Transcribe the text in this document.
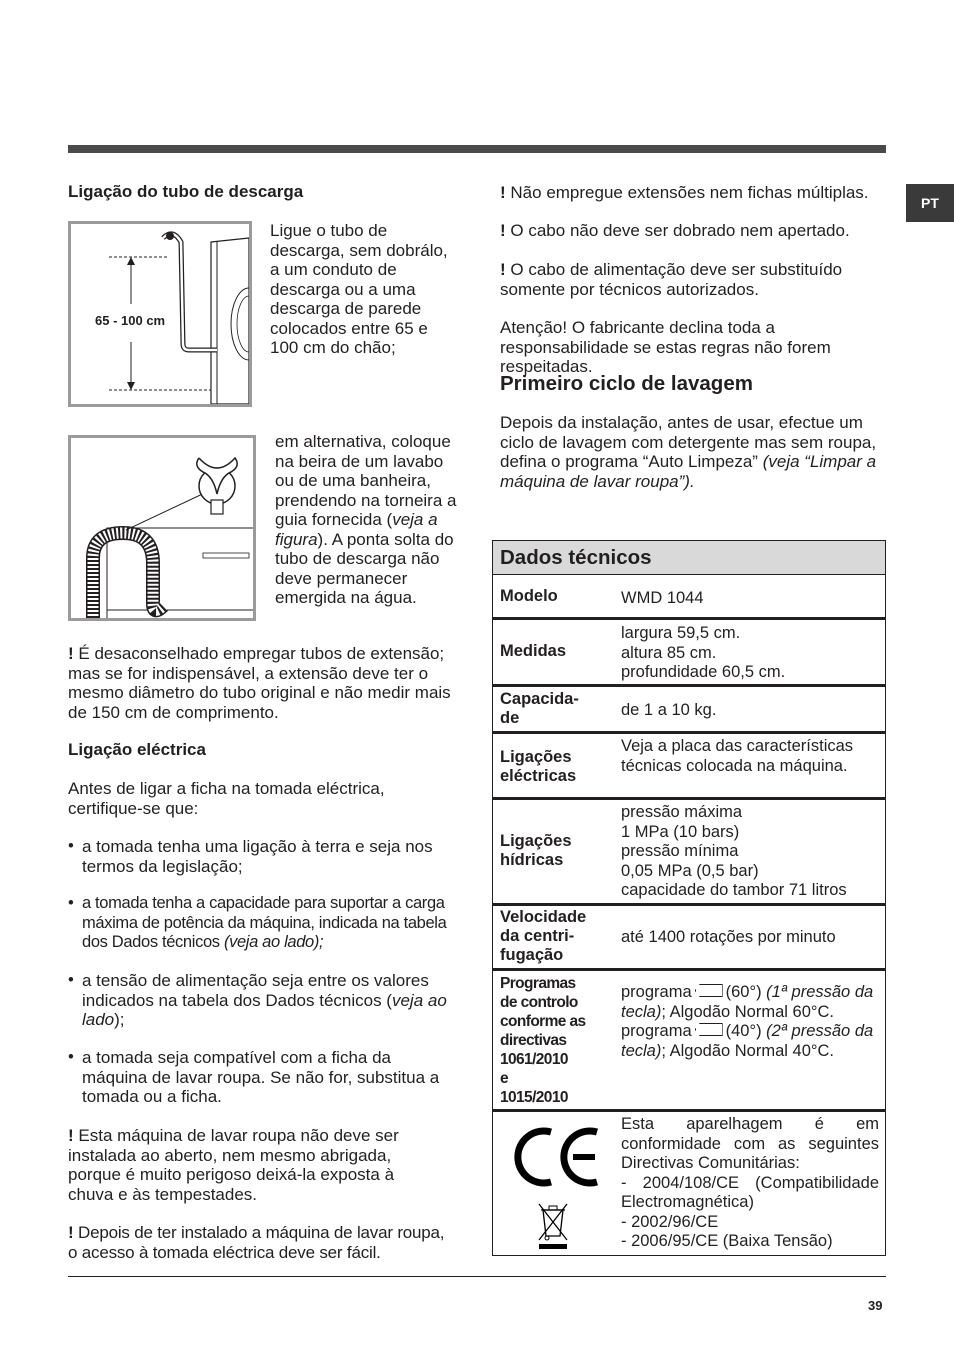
PT
Ligação do tubo de descarga
65 - 100 cm
Ligue o tubo de descarga, sem dobrálo, a um conduto de descarga ou a uma descarga de parede colocados entre 65 e 100 cm do chão;
em alternativa, coloque na beira de um lavabo ou de uma banheira, prendendo na torneira a guia fornecida (veja a figura). A ponta solta do tubo de descarga não deve permanecer emergida na água.
! É desaconselhado empregar tubos de extensão; mas se for indispensável, a extensão deve ter o mesmo diâmetro do tubo original e não medir mais de 150 cm de comprimento.
Ligação eléctrica
Antes de ligar a ficha na tomada eléctrica, certifique-se que:
• a tomada tenha uma ligação à terra e seja nos termos da legislação;
• a tomada tenha a capacidade para suportar a carga máxima de potência da máquina, indicada na tabela dos Dados técnicos (veja ao lado);
• a tensão de alimentação seja entre os valores indicados na tabela dos Dados técnicos (veja ao lado);
• a tomada seja compatível com a ficha da máquina de lavar roupa. Se não for, substitua a tomada ou a ficha.
! Esta máquina de lavar roupa não deve ser instalada ao aberto, nem mesmo abrigada, porque é muito perigoso deixá-la exposta à chuva e às tempestades.
! Depois de ter instalado a máquina de lavar roupa, o acesso à tomada eléctrica deve ser fácil.
! Não empregue extensões nem fichas múltiplas.
! O cabo não deve ser dobrado nem apertado.
! O cabo de alimentação deve ser substituído somente por técnicos autorizados.
Atenção! O fabricante declina toda a responsabilidade se estas regras não forem respeitadas.
Primeiro ciclo de lavagem
Depois da instalação, antes de usar, efectue um ciclo de lavagem com detergente mas sem roupa, defina o programa “Auto Limpeza” (veja “Limpar a máquina de lavar roupa”).
Dados técnicos
Modelo	WMD 1044
Medidas
largura 59,5 cm.
altura 85 cm.
profundidade 60,5 cm.
Capacida-
de	de 1 a 10 kg.
Ligações
eléctricas
Veja a placa das características técnicas colocada na máquina.
Ligações
hídricas
pressão máxima
1 MPa (10 bars)
pressão mínima
0,05 MPa (0,5 bar)
capacidade do tambor 71 litros
Velocidade
da centri-
fugação
até 1400 rotações por minuto
Programas
de controlo
conforme as
directivas
1061/2010
e
1015/2010
programa (60°) (1ª pressão da tecla); Algodão Normal 60°C.
programa (40°) (2ª pressão da tecla); Algodão Normal 40°C.
Esta aparelhagem é em conformidade com as seguintes Directivas Comunitárias:
- 2004/108/CE (Compatibilidade Electromagnética)
- 2002/96/CE
- 2006/95/CE (Baixa Tensão)
39
